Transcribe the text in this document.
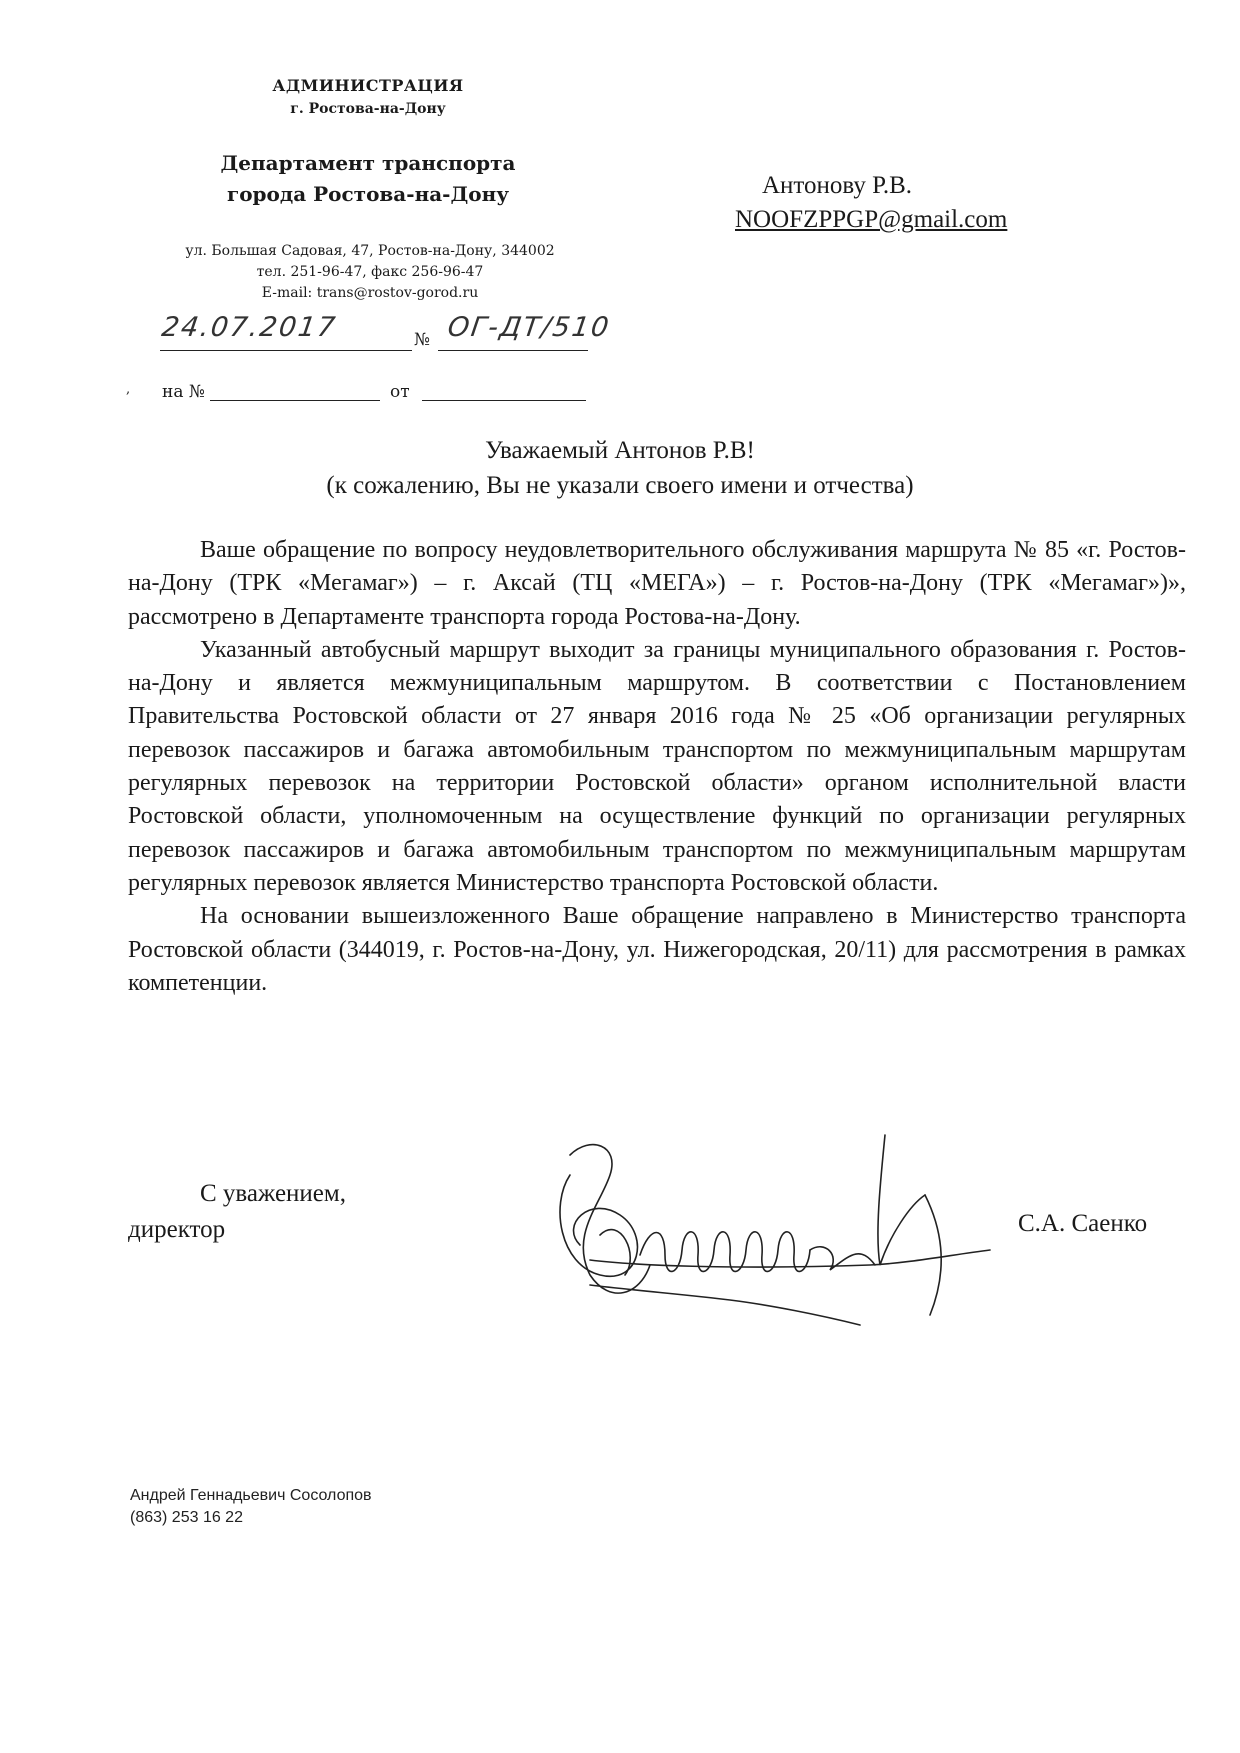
АДМИНИСТРАЦИЯ
г. Ростова-на-Дону
Департамент транспорта
города Ростова-на-Дону
ул. Большая Садовая, 47, Ростов-на-Дону, 344002
тел. 251-96-47, факс 256-96-47
E-mail: trans@rostov-gorod.ru
24.07.2017	№ ОГ-ДТ/510
, на №	от
Антонову Р.В.
NOOFZPPGP@gmail.com
Уважаемый Антонов Р.В!
(к сожалению, Вы не указали своего имени и отчества)

Ваше обращение по вопросу неудовлетворительного обслуживания маршрута № 85 «г. Ростов-на-Дону (ТРК «Мегамаг») – г. Аксай (ТЦ «МЕГА») – г. Ростов-на-Дону (ТРК «Мегамаг»)», рассмотрено в Департаменте транспорта города Ростова-на-Дону.

Указанный автобусный маршрут выходит за границы муниципального образования г. Ростов-на-Дону и является межмуниципальным маршрутом. В соответствии с Постановлением Правительства Ростовской области от 27 января 2016 года № 25 «Об организации регулярных перевозок пассажиров и багажа автомобильным транспортом по межмуниципальным маршрутам регулярных перевозок на территории Ростовской области» органом исполнительной власти Ростовской области, уполномоченным на осуществление функций по организации регулярных перевозок пассажиров и багажа автомобильным транспортом по межмуниципальным маршрутам регулярных перевозок является Министерство транспорта Ростовской области.

На основании вышеизложенного Ваше обращение направлено в Министерство транспорта Ростовской области (344019, г. Ростов-на-Дону, ул. Нижегородская, 20/11) для рассмотрения в рамках компетенции.

С уважением,
директор	С.А. Саенко
Андрей Геннадьевич Сосолопов
(863) 253 16 22
